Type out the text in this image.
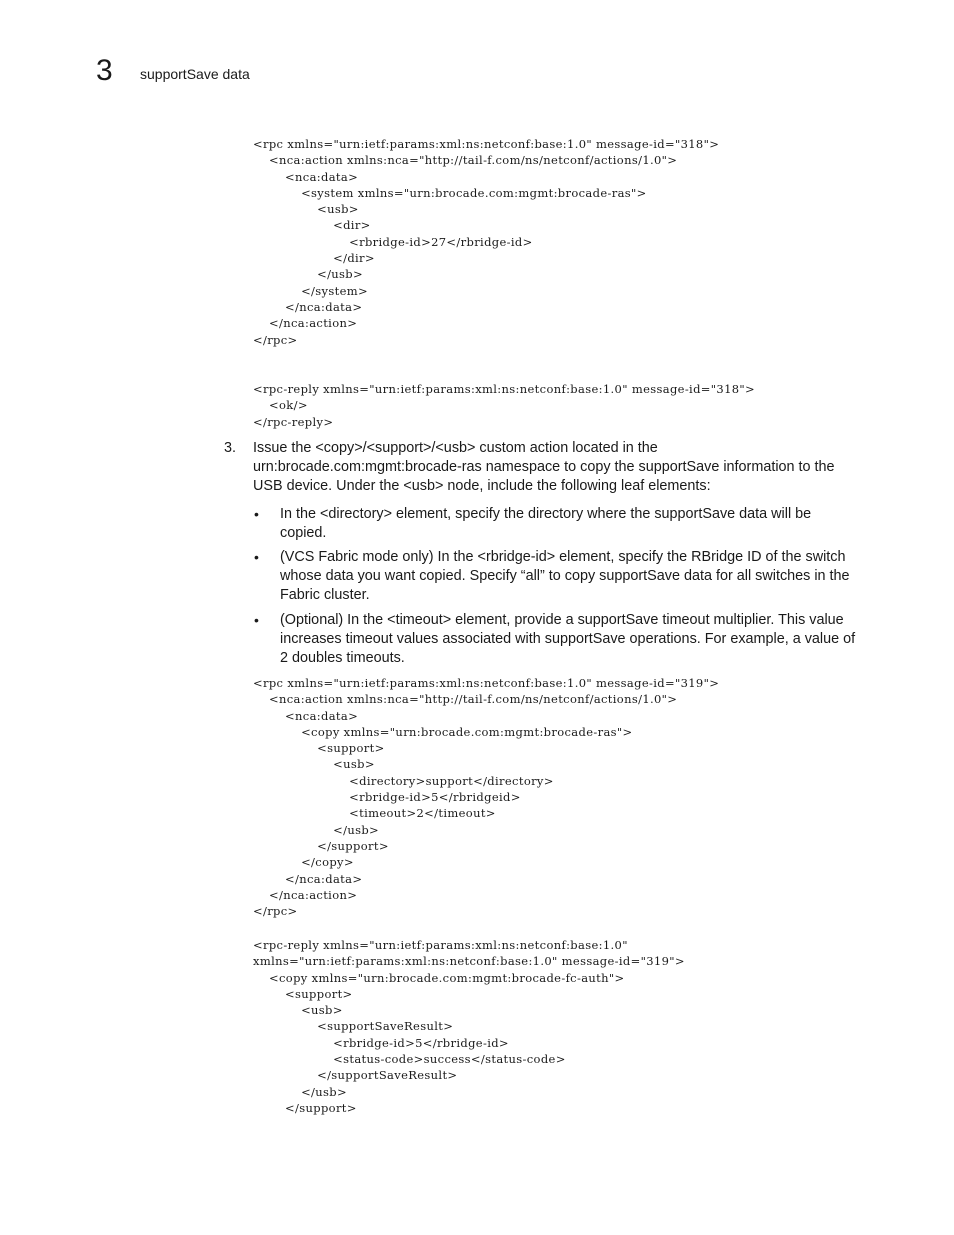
3 supportSave data
<rpc xmlns="urn:ietf:params:xml:ns:netconf:base:1.0" message-id="318">
<nca:action xmlns:nca="http://tail-f.com/ns/netconf/actions/1.0">
<nca:data>
<system xmlns="urn:brocade.com:mgmt:brocade-ras">
<usb>
<dir>
<rbridge-id>27</rbridge-id>
</dir>
</usb>
</system>
</nca:data>
</nca:action>
</rpc>
<rpc-reply xmlns="urn:ietf:params:xml:ns:netconf:base:1.0" message-id="318">
<ok/>
</rpc-reply>
3. Issue the <copy>/<support>/<usb> custom action located in the
urn:brocade.com:mgmt:brocade-ras namespace to copy the supportSave information to the
USB device. Under the <usb> node, include the following leaf elements:
• In the <directory> element, specify the directory where the supportSave data will be
copied.
• (VCS Fabric mode only) In the <rbridge-id> element, specify the RBridge ID of the switch
whose data you want copied. Specify “all” to copy supportSave data for all switches in the
Fabric cluster.
• (Optional) In the <timeout> element, provide a supportSave timeout multiplier. This value
increases timeout values associated with supportSave operations. For example, a value of
2 doubles timeouts.
<rpc xmlns="urn:ietf:params:xml:ns:netconf:base:1.0" message-id="319">
<nca:action xmlns:nca="http://tail-f.com/ns/netconf/actions/1.0">
<nca:data>
<copy xmlns="urn:brocade.com:mgmt:brocade-ras">
<support>
<usb>
<directory>support</directory>
<rbridge-id>5</rbridgeid>
<timeout>2</timeout>
</usb>
</support>
</copy>
</nca:data>
</nca:action>
</rpc>
<rpc-reply xmlns="urn:ietf:params:xml:ns:netconf:base:1.0"
xmlns="urn:ietf:params:xml:ns:netconf:base:1.0" message-id="319">
<copy xmlns="urn:brocade.com:mgmt:brocade-fc-auth">
<support>
<usb>
<supportSaveResult>
<rbridge-id>5</rbridge-id>
<status-code>success</status-code>
</supportSaveResult>
</usb>
</support>
